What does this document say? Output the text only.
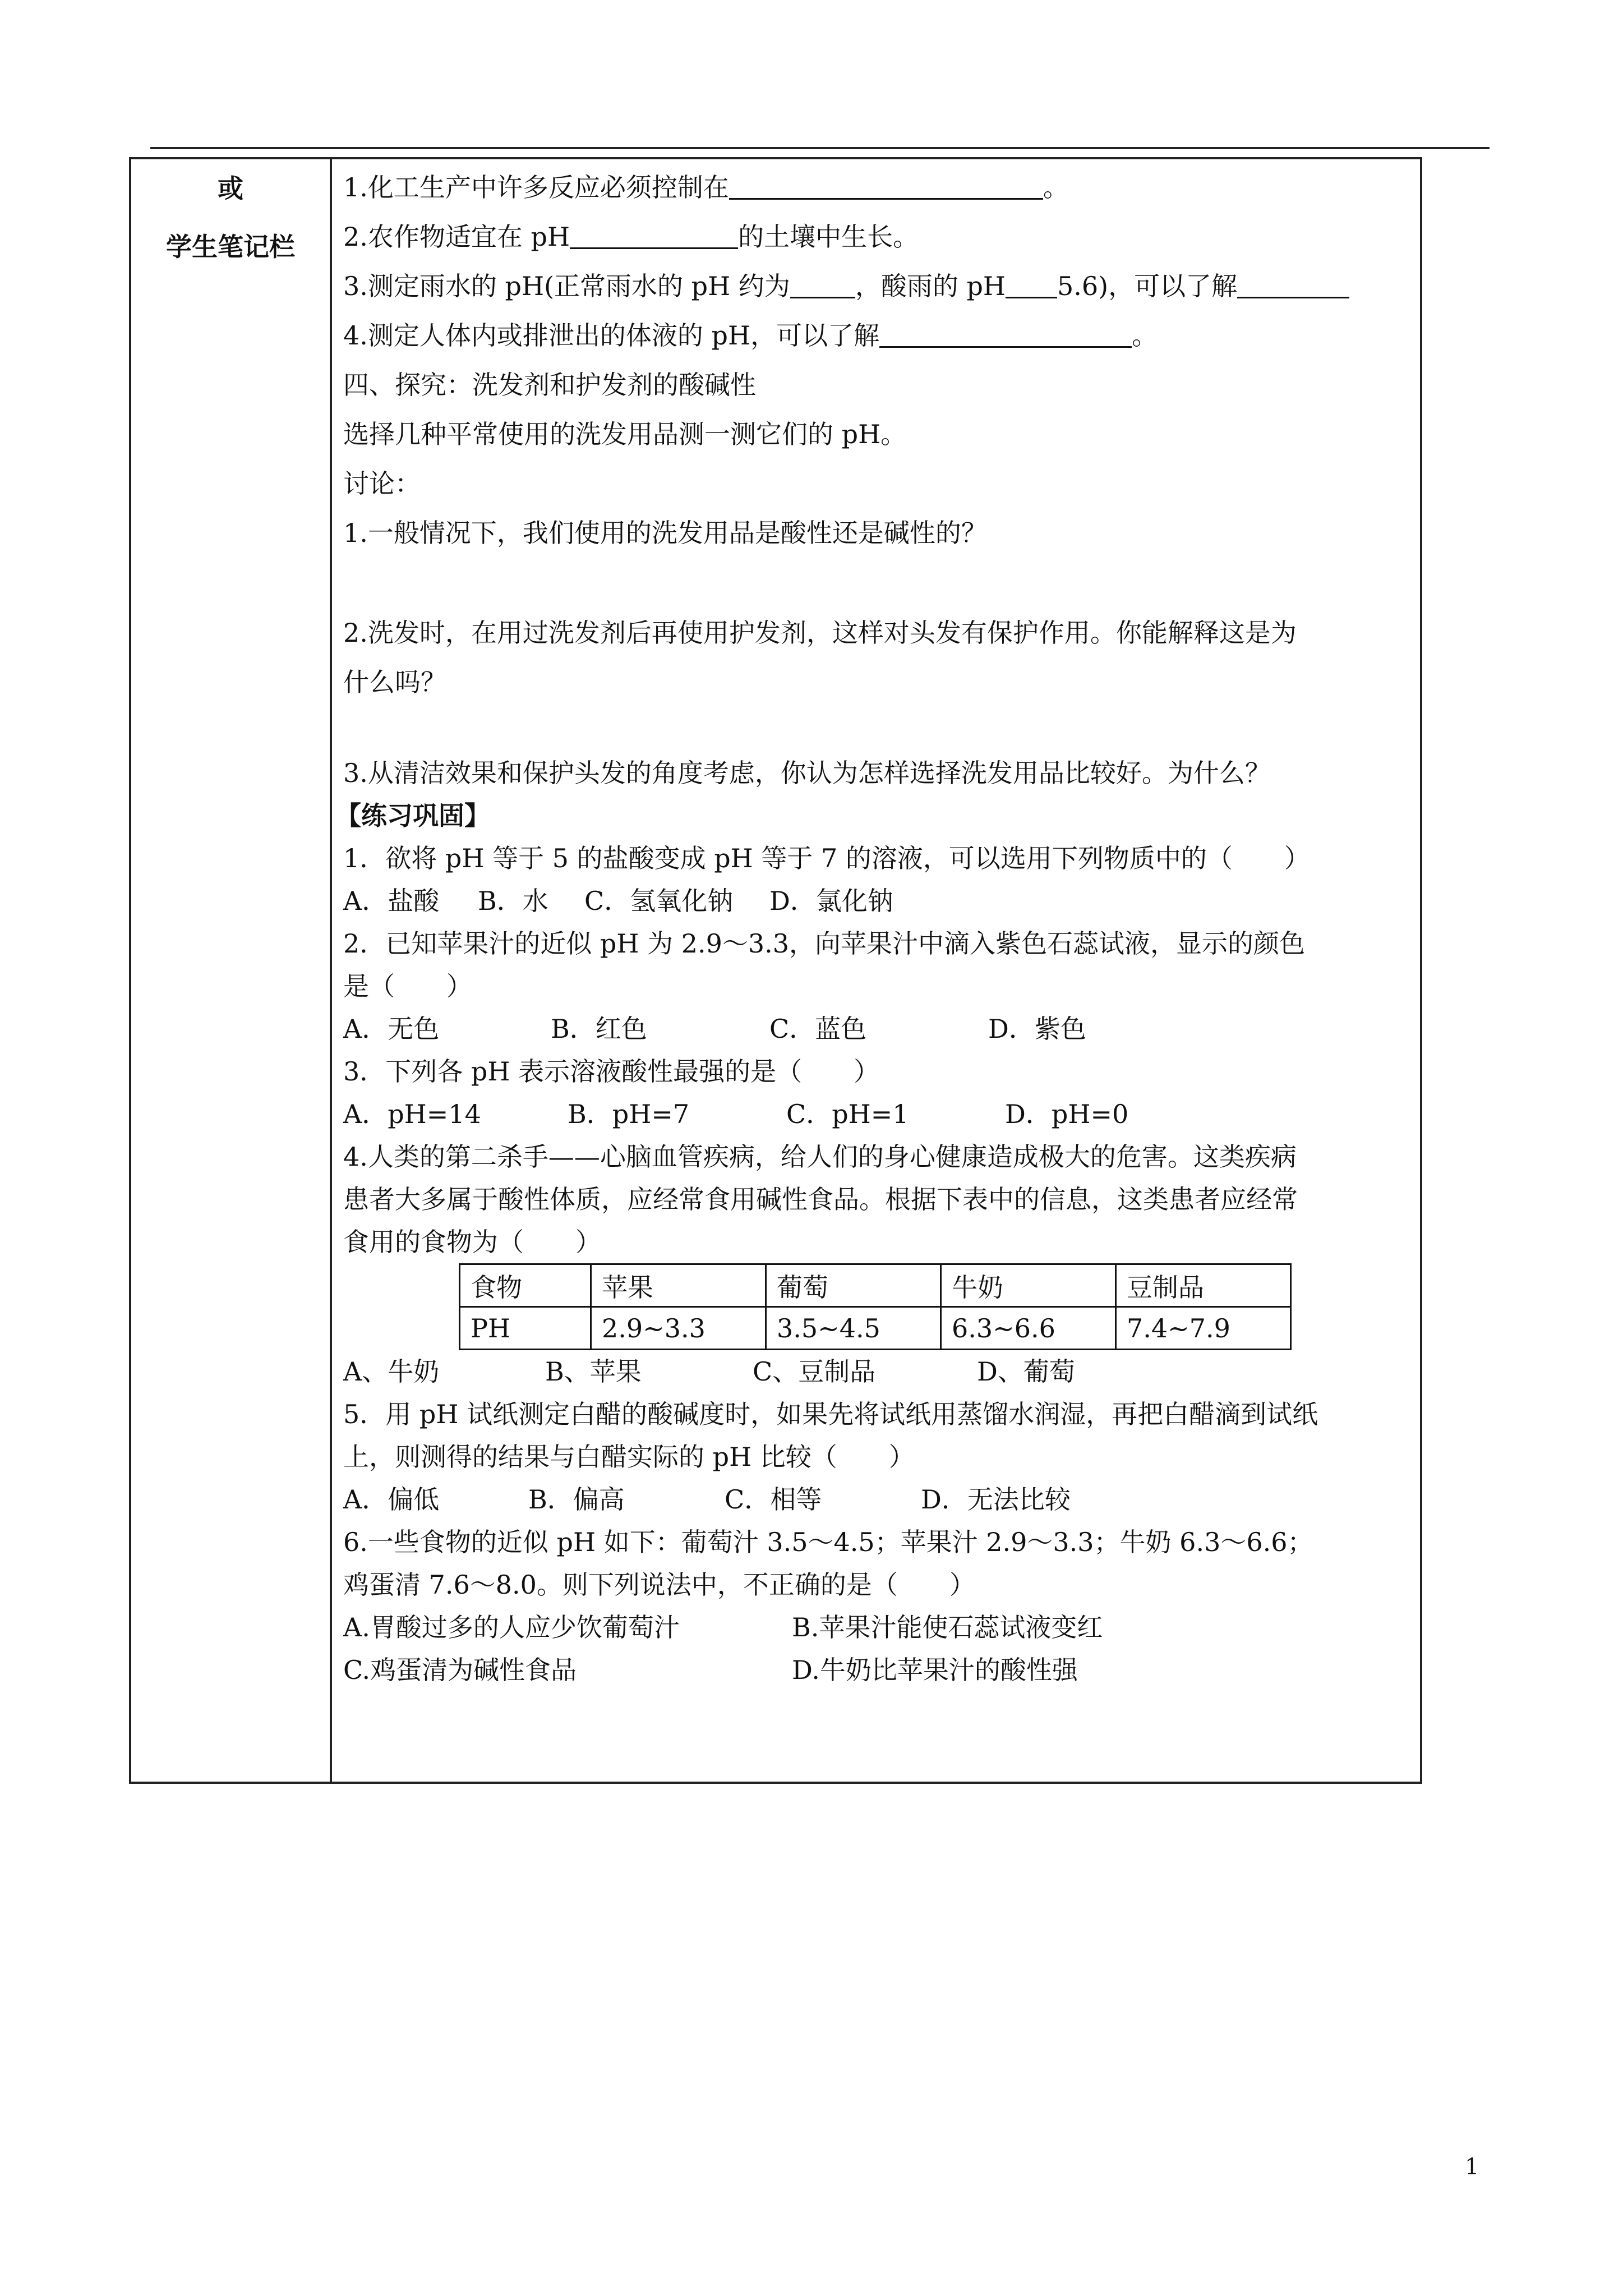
或
学生笔记栏
1.化工生产中许多反应必须控制在	。
2.农作物适宜在 pH	的土壤中生长。
3.测定雨水的 pH(正常雨水的 pH 约为	，酸雨的 pH 5.6)，可以了解
4.测定人体内或排泄出的体液的 pH，可以了解	。
四、探究：洗发剂和护发剂的酸碱性
选择几种平常使用的洗发用品测一测它们的 pH。
讨论：
1.一般情况下，我们使用的洗发用品是酸性还是碱性的？
2.洗发时，在用过洗发剂后再使用护发剂，这样对头发有保护作用。你能解释这是为
什么吗？
3.从清洁效果和保护头发的角度考虑，你认为怎样选择洗发用品比较好。为什么？
【练习巩固】
1．欲将 pH 等于 5 的盐酸变成 pH 等于 7 的溶液，可以选用下列物质中的（　　）
A．盐酸 B．水 C．氢氧化钠 D．氯化钠
2．已知苹果汁的近似 pH 为 2.9～3.3，向苹果汁中滴入紫色石蕊试液，显示的颜色
是（　　）
A．无色	B．红色	C．蓝色	D．紫色
3．下列各 pH 表示溶液酸性最强的是（　　）
A．pH=14	B．pH=7	C．pH=1	D．pH=0
4.人类的第二杀手——心脑血管疾病，给人们的身心健康造成极大的危害。这类疾病
患者大多属于酸性体质，应经常食用碱性食品。根据下表中的信息，这类患者应经常
食用的食物为（　　）
食物	苹果	葡萄	牛奶	豆制品
PH	2.9~3.3	3.5~4.5	6.3~6.6	7.4~7.9
A、牛奶	B、苹果	C、豆制品	D、葡萄
5．用 pH 试纸测定白醋的酸碱度时，如果先将试纸用蒸馏水润湿，再把白醋滴到试纸
上，则测得的结果与白醋实际的 pH 比较（　　）
A．偏低	B．偏高	C．相等	D．无法比较
6.一些食物的近似 pH 如下：葡萄汁 3.5～4.5；苹果汁 2.9～3.3；牛奶 6.3～6.6；
鸡蛋清 7.6～8.0。则下列说法中，不正确的是（　　）
A.胃酸过多的人应少饮葡萄汁	B.苹果汁能使石蕊试液变红
C.鸡蛋清为碱性食品	D.牛奶比苹果汁的酸性强
1
